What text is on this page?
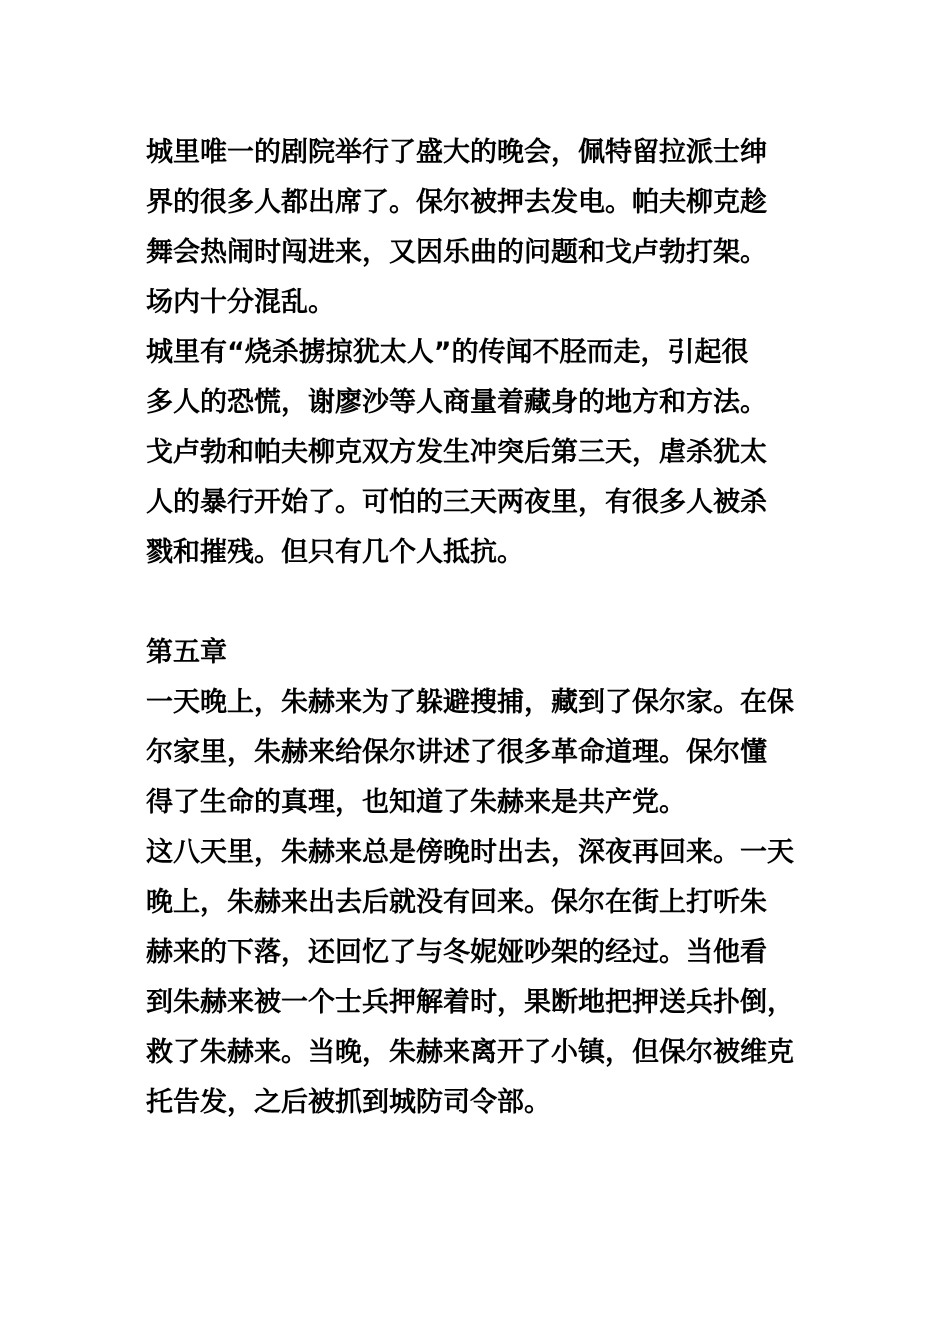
城里唯一的剧院举行了盛大的晚会，佩特留拉派士绅
界的很多人都出席了。保尔被押去发电。帕夫柳克趁
舞会热闹时闯进来，又因乐曲的问题和戈卢勃打架。
场内十分混乱。
城里有“烧杀掳掠犹太人”的传闻不胫而走，引起很
多人的恐慌，谢廖沙等人商量着藏身的地方和方法。
戈卢勃和帕夫柳克双方发生冲突后第三天，虐杀犹太
人的暴行开始了。可怕的三天两夜里，有很多人被杀
戮和摧残。但只有几个人抵抗。
第五章
一天晚上，朱赫来为了躲避搜捕，藏到了保尔家。在保
尔家里，朱赫来给保尔讲述了很多革命道理。保尔懂
得了生命的真理，也知道了朱赫来是共产党。
这八天里，朱赫来总是傍晚时出去，深夜再回来。一天
晚上，朱赫来出去后就没有回来。保尔在街上打听朱
赫来的下落，还回忆了与冬妮娅吵架的经过。当他看
到朱赫来被一个士兵押解着时，果断地把押送兵扑倒，
救了朱赫来。当晚，朱赫来离开了小镇，但保尔被维克
托告发，之后被抓到城防司令部。
